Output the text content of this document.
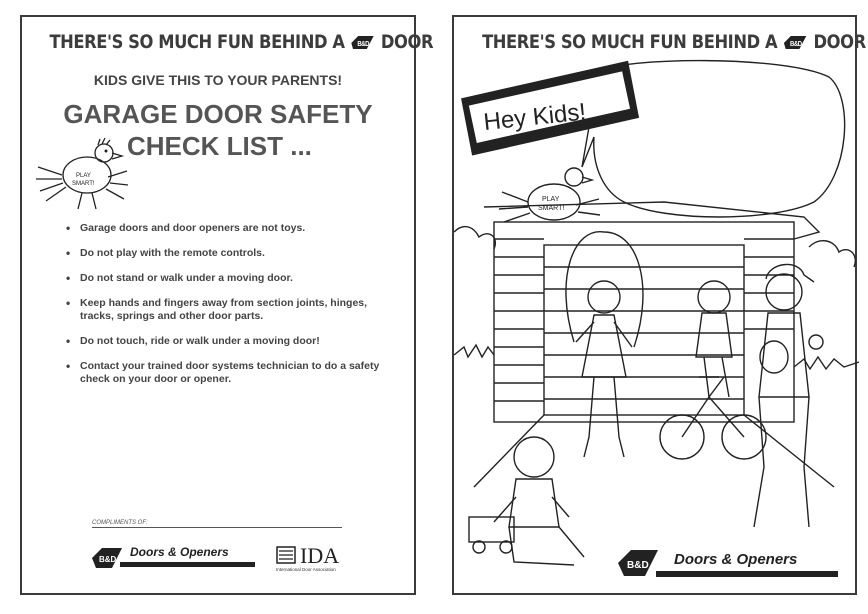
THERE'S SO MUCH FUN BEHIND A B&D DOOR
KIDS GIVE THIS TO YOUR PARENTS!
GARAGE DOOR SAFETY
CHECK LIST ...
PLAY
SMART!
• Garage doors and door openers are not toys.
• Do not play with the remote controls.
• Do not stand or walk under a moving door.
• Keep hands and fingers away from section joints, hinges, tracks, springs and other door parts.
• Do not touch, ride or walk under a moving door!
• Contact your trained door systems technician to do a safety check on your door or opener.
COMPLIMENTS OF:
B&D
Doors & Openers	IDA
International Door Association
THERE'S SO MUCH FUN BEHIND A B&D DOOR
PLAY
SMART!
Hey Kids!
B&D Doors & Openers
